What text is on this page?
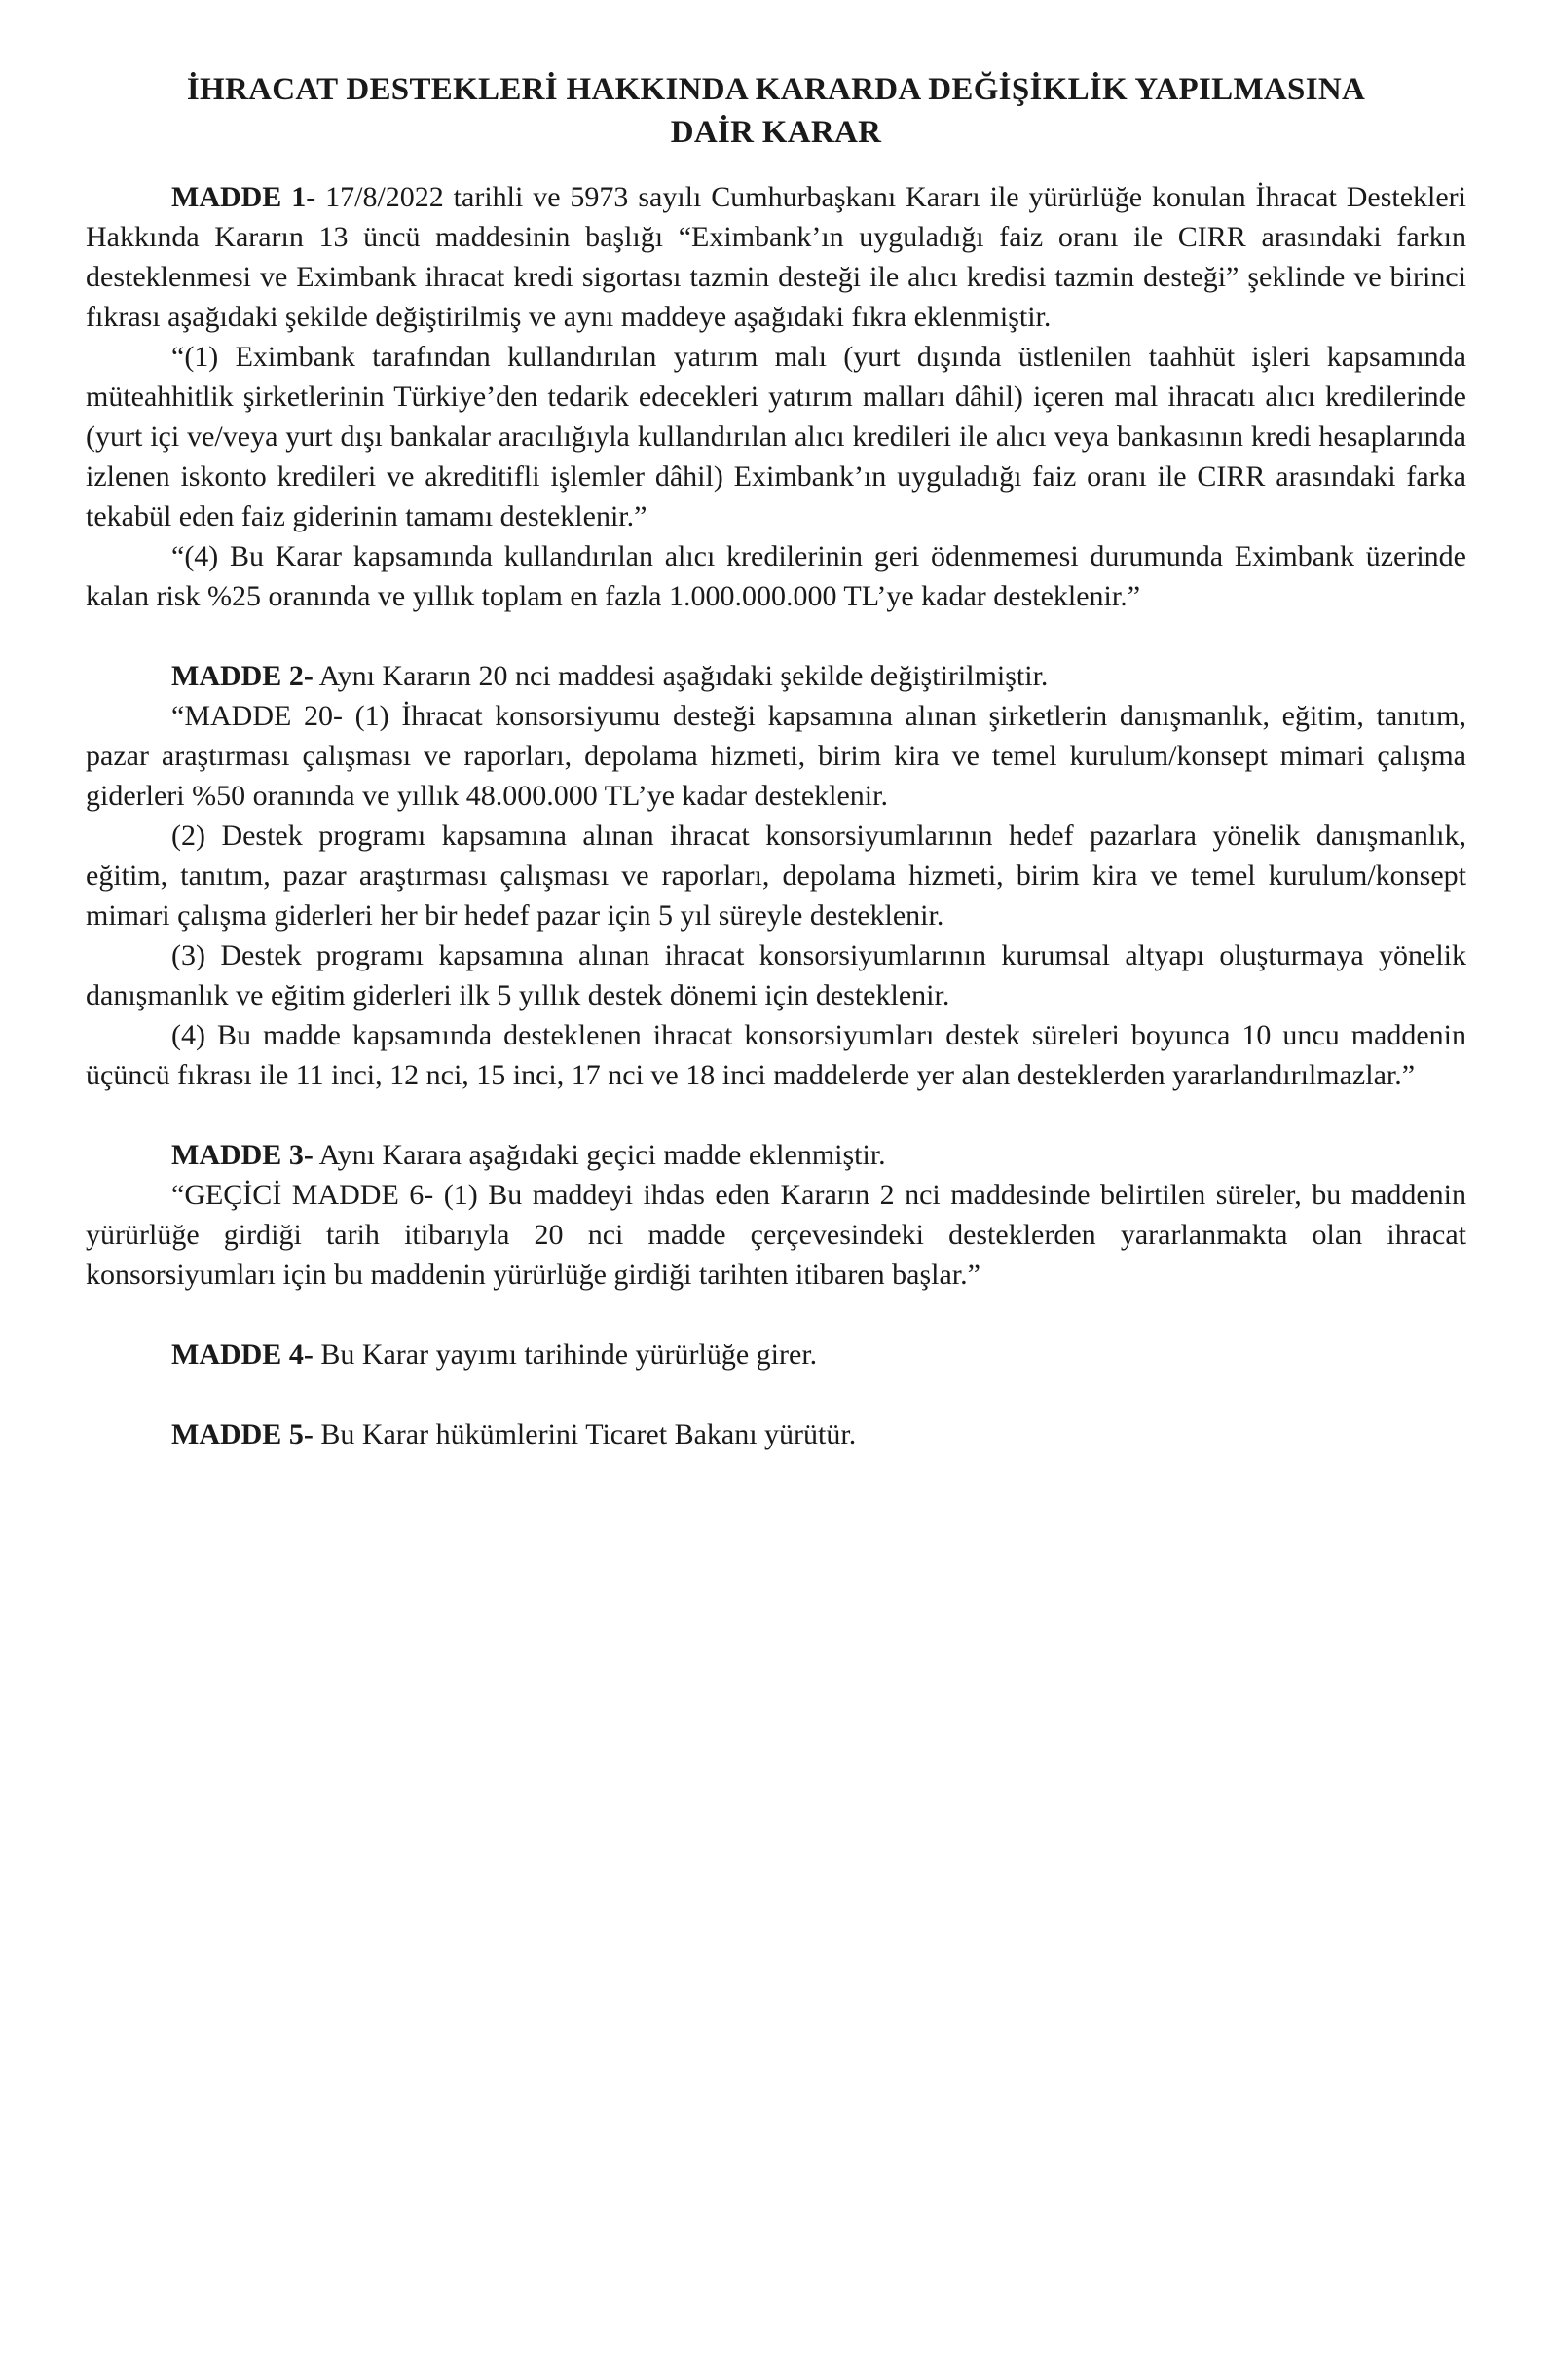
İHRACAT DESTEKLERİ HAKKINDA KARARDA DEĞİŞİKLİK YAPILMASINA
DAİR KARAR

MADDE 1- 17/8/2022 tarihli ve 5973 sayılı Cumhurbaşkanı Kararı ile yürürlüğe konulan İhracat Destekleri Hakkında Kararın 13 üncü maddesinin başlığı “Eximbank’ın uyguladığı faiz oranı ile CIRR arasındaki farkın desteklenmesi ve Eximbank ihracat kredi sigortası tazmin desteği ile alıcı kredisi tazmin desteği” şeklinde ve birinci fıkrası aşağıdaki şekilde değiştirilmiş ve aynı maddeye aşağıdaki fıkra eklenmiştir.

“(1) Eximbank tarafından kullandırılan yatırım malı (yurt dışında üstlenilen taahhüt işleri kapsamında müteahhitlik şirketlerinin Türkiye’den tedarik edecekleri yatırım malları dâhil) içeren mal ihracatı alıcı kredilerinde (yurt içi ve/veya yurt dışı bankalar aracılığıyla kullandırılan alıcı kredileri ile alıcı veya bankasının kredi hesaplarında izlenen iskonto kredileri ve akreditifli işlemler dâhil) Eximbank’ın uyguladığı faiz oranı ile CIRR arasındaki farka tekabül eden faiz giderinin tamamı desteklenir.”

“(4) Bu Karar kapsamında kullandırılan alıcı kredilerinin geri ödenmemesi durumunda Eximbank üzerinde kalan risk %25 oranında ve yıllık toplam en fazla 1.000.000.000 TL’ye kadar desteklenir.”

MADDE 2- Aynı Kararın 20 nci maddesi aşağıdaki şekilde değiştirilmiştir.

“MADDE 20- (1) İhracat konsorsiyumu desteği kapsamına alınan şirketlerin danışmanlık, eğitim, tanıtım, pazar araştırması çalışması ve raporları, depolama hizmeti, birim kira ve temel kurulum/konsept mimari çalışma giderleri %50 oranında ve yıllık 48.000.000 TL’ye kadar desteklenir.

(2) Destek programı kapsamına alınan ihracat konsorsiyumlarının hedef pazarlara yönelik danışmanlık, eğitim, tanıtım, pazar araştırması çalışması ve raporları, depolama hizmeti, birim kira ve temel kurulum/konsept mimari çalışma giderleri her bir hedef pazar için 5 yıl süreyle desteklenir.

(3) Destek programı kapsamına alınan ihracat konsorsiyumlarının kurumsal altyapı oluşturmaya yönelik danışmanlık ve eğitim giderleri ilk 5 yıllık destek dönemi için desteklenir.

(4) Bu madde kapsamında desteklenen ihracat konsorsiyumları destek süreleri boyunca 10 uncu maddenin üçüncü fıkrası ile 11 inci, 12 nci, 15 inci, 17 nci ve 18 inci maddelerde yer alan desteklerden yararlandırılmazlar.”

MADDE 3- Aynı Karara aşağıdaki geçici madde eklenmiştir.

“GEÇİCİ MADDE 6- (1) Bu maddeyi ihdas eden Kararın 2 nci maddesinde belirtilen süreler, bu maddenin yürürlüğe girdiği tarih itibarıyla 20 nci madde çerçevesindeki desteklerden yararlanmakta olan ihracat konsorsiyumları için bu maddenin yürürlüğe girdiği tarihten itibaren başlar.”

MADDE 4- Bu Karar yayımı tarihinde yürürlüğe girer.

MADDE 5- Bu Karar hükümlerini Ticaret Bakanı yürütür.
